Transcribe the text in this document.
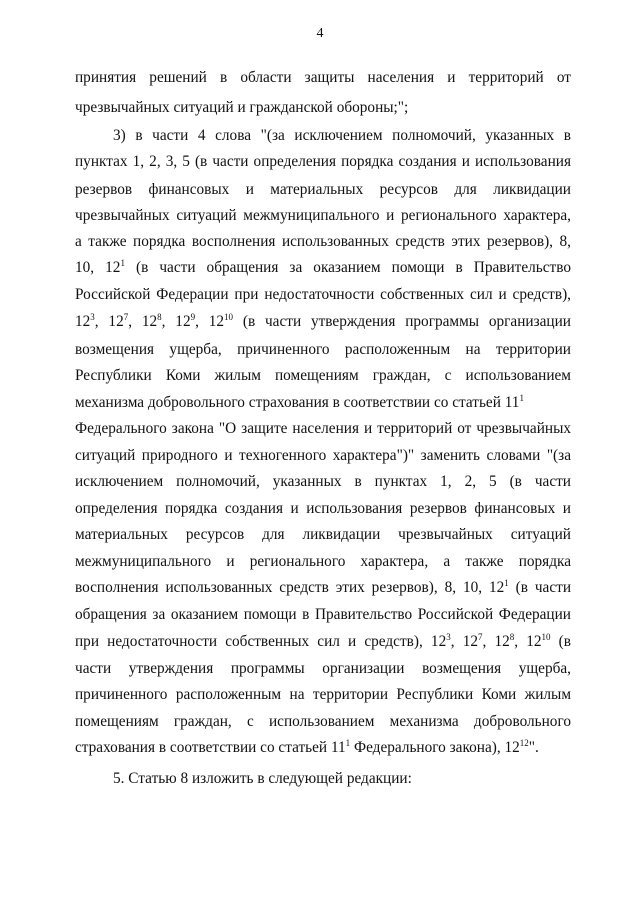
4
принятия решений в области защиты населения и территорий от
чрезвычайных ситуаций и гражданской обороны;";
3) в части 4 слова "(за исключением полномочий, указанных в
пунктах 1, 2, 3, 5 (в части определения порядка создания и использования
резервов финансовых и материальных ресурсов для ликвидации
чрезвычайных ситуаций межмуниципального и регионального характера,
а также порядка восполнения использованных средств этих резервов), 8,
10, $12^1$ (в части обращения за оказанием помощи в Правительство
Российской Федерации при недостаточности собственных сил и средств),
$12^3$, $12^7$, $12^8$, $12^9$, $12^{10}$ (в части утверждения программы организации
возмещения ущерба, причиненного расположенным на территории
Республики Коми жилым помещениям граждан, с использованием
механизма добровольного страхования в соответствии со статьей $11^1$
Федерального закона "О защите населения и территорий от чрезвычайных
ситуаций природного и техногенного характера")" заменить словами "(за
исключением полномочий, указанных в пунктах 1, 2, 5 (в части
определения порядка создания и использования резервов финансовых и
материальных ресурсов для ликвидации чрезвычайных ситуаций
межмуниципального и регионального характера, а также порядка
восполнения использованных средств этих резервов), 8, 10, $12^1$ (в части
обращения за оказанием помощи в Правительство Российской Федерации
при недостаточности собственных сил и средств), $12^3$, $12^7$, $12^8$, $12^{10}$ (в
части утверждения программы организации возмещения ущерба,
причиненного расположенным на территории Республики Коми жилым
помещениям граждан, с использованием механизма добровольного
страхования в соответствии со статьей $11^1$ Федерального закона), $12^{12}$".
5. Статью 8 изложить в следующей редакции:
